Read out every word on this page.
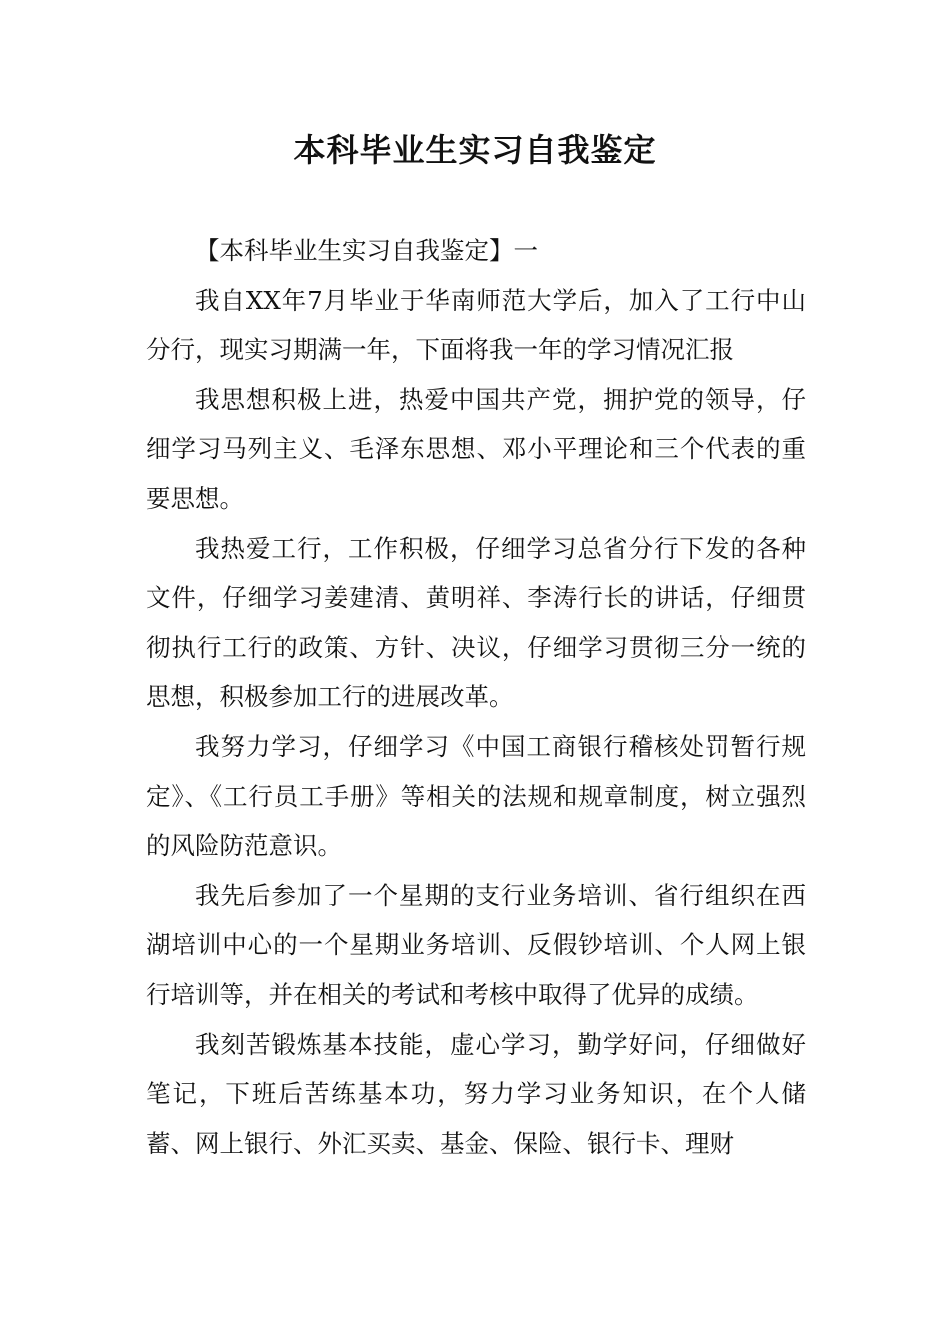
本科毕业生实习自我鉴定

【本科毕业生实习自我鉴定】一

我自XX年7月毕业于华南师范大学后，加入了工行中山分行，现实习期满一年，下面将我一年的学习情况汇报

我思想积极上进，热爱中国共产党，拥护党的领导，仔细学习马列主义、毛泽东思想、邓小平理论和三个代表的重要思想。

我热爱工行，工作积极，仔细学习总省分行下发的各种文件，仔细学习姜建清、黄明祥、李涛行长的讲话，仔细贯彻执行工行的政策、方针、决议，仔细学习贯彻三分一统的思想，积极参加工行的进展改革。

我努力学习，仔细学习《中国工商银行稽核处罚暂行规定》、《工行员工手册》等相关的法规和规章制度，树立强烈的风险防范意识。

我先后参加了一个星期的支行业务培训、省行组织在西湖培训中心的一个星期业务培训、反假钞培训、个人网上银行培训等，并在相关的考试和考核中取得了优异的成绩。

我刻苦锻炼基本技能，虚心学习，勤学好问，仔细做好笔记，下班后苦练基本功，努力学习业务知识，在个人储蓄、网上银行、外汇买卖、基金、保险、银行卡、理财
